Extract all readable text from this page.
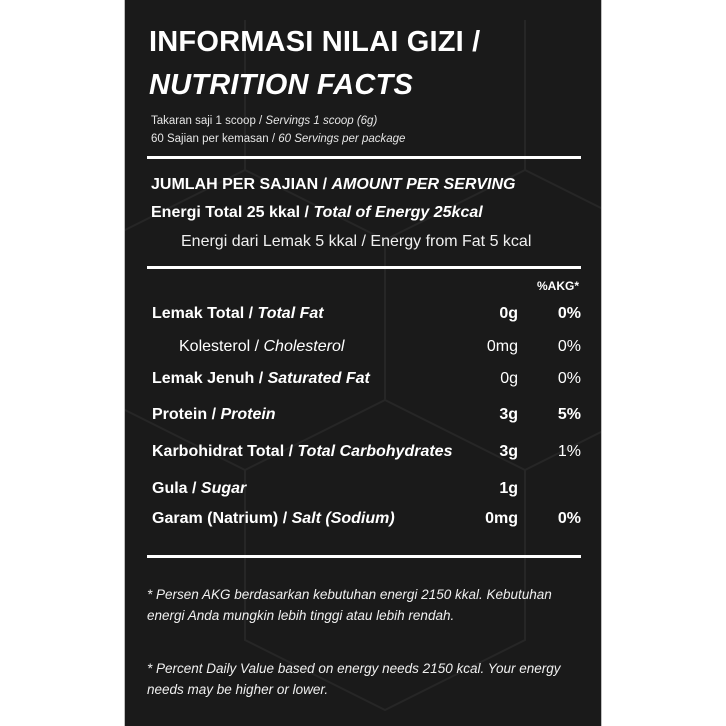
INFORMASI NILAI GIZI /
NUTRITION FACTS
Takaran saji 1 scoop / Servings 1 scoop (6g)
60 Sajian per kemasan / 60 Servings per package
JUMLAH PER SAJIAN / AMOUNT PER SERVING
Energi Total 25 kkal / Total of Energy 25kcal
Energi dari Lemak 5 kkal / Energy from Fat 5 kcal
%AKG*
Lemak Total / Total Fat	0g 0%
Kolesterol / Cholesterol	0mg 0%
Lemak Jenuh / Saturated Fat	0g 0%
Protein / Protein	3g 5%
Karbohidrat Total / Total Carbohydrates	3g 1%
Gula / Sugar	1g
Garam (Natrium) / Salt (Sodium)	0mg 0%
* Persen AKG berdasarkan kebutuhan energi 2150 kkal. Kebutuhan energi Anda mungkin lebih tinggi atau lebih rendah.
* Percent Daily Value based on energy needs 2150 kcal. Your energy needs may be higher or lower.
